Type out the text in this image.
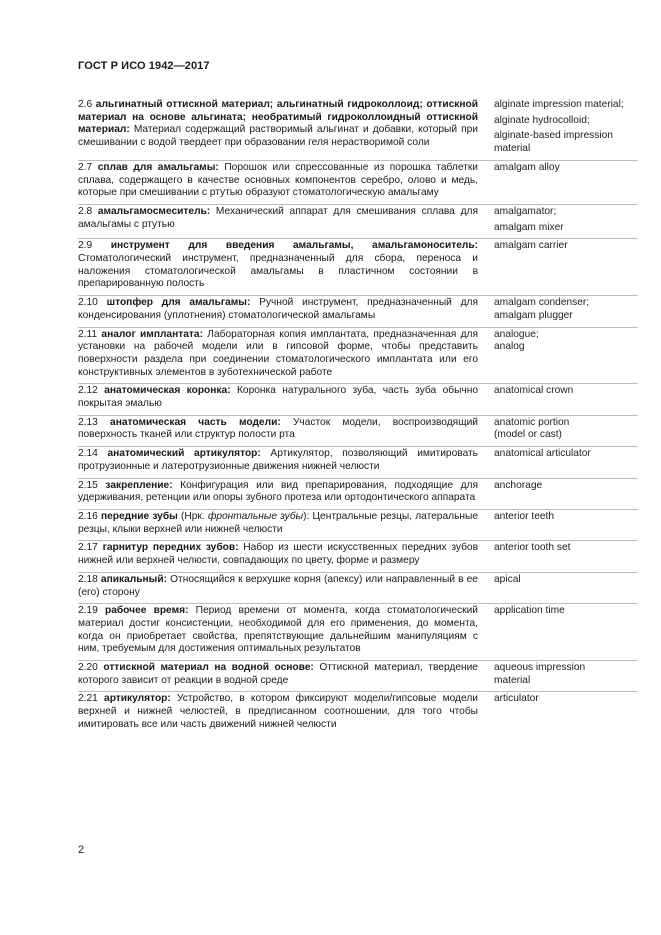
ГОСТ Р ИСО 1942—2017
2.6 альгинатный оттискной материал; альгинатный гидроколлоид; оттискной материал на основе альгината; необратимый гидроколлоидный оттискной материал: Материал содержащий растворимый альгинат и добавки, который при смешивании с водой твердеет при образовании геля нерастворимой соли
alginate impression material;
alginate hydrocolloid;
alginate-based impression material
2.7 сплав для амальгамы: Порошок или спрессованные из порошка таблетки сплава, содержащего в качестве основных компонентов серебро, олово и медь, которые при смешивании с ртутью образуют стоматологическую амальгаму
amalgam alloy
2.8 амальгамосмеситель: Механический аппарат для смешивания сплава для амальгамы с ртутью
amalgamator;
amalgam mixer
2.9 инструмент для введения амальгамы, амальгамоноситель: Стоматологический инструмент, предназначенный для сбора, переноса и наложения стоматологической амальгамы в пластичном состоянии в препарированную полость
amalgam carrier
2.10 штопфер для амальгамы: Ручной инструмент, предназначенный для конденсирования (уплотнения) стоматологической амальгамы
amalgam condenser;
amalgam plugger
2.11 аналог имплантата: Лабораторная копия имплантата, предназначенная для установки на рабочей модели или в гипсовой форме, чтобы представить поверхности раздела при соединении стоматологического имплантата или его конструктивных элементов в зуботехнической работе
analogue;
analog
2.12 анатомическая коронка: Коронка натурального зуба, часть зуба обычно покрытая эмалью
anatomical crown
2.13 анатомическая часть модели: Участок модели, воспроизводящий поверхность тканей или структур полости рта
anatomic portion
(model or cast)
2.14 анатомический артикулятор: Артикулятор, позволяющий имитировать протрузионные и латеротрузионные движения нижней челюсти
anatomical articulator
2.15 закрепление: Конфигурация или вид препарирования, подходящие для удерживания, ретенции или опоры зубного протеза или ортодонтического аппарата
anchorage
2.16 передние зубы (Нрк. фронтальные зубы): Центральные резцы, латеральные резцы, клыки верхней или нижней челюсти
anterior teeth
2.17 гарнитур передних зубов: Набор из шести искусственных передних зубов нижней или верхней челюсти, совпадающих по цвету, форме и размеру
anterior tooth set
2.18 апикальный: Относящийся к верхушке корня (апексу) или направленный в ее (его) сторону
apical
2.19 рабочее время: Период времени от момента, когда стоматологический материал достиг консистенции, необходимой для его применения, до момента, когда он приобретает свойства, препятствующие дальнейшим манипуляциям с ним, требуемым для достижения оптимальных результатов
application time
2.20 оттискной материал на водной основе: Оттискной материал, твердение которого зависит от реакции в водной среде
aqueous impression
material
2.21 артикулятор: Устройство, в котором фиксируют модели/гипсовые модели верхней и нижней челюстей, в предписанном соотношении, для того чтобы имитировать все или часть движений нижней челюсти
articulator
2
